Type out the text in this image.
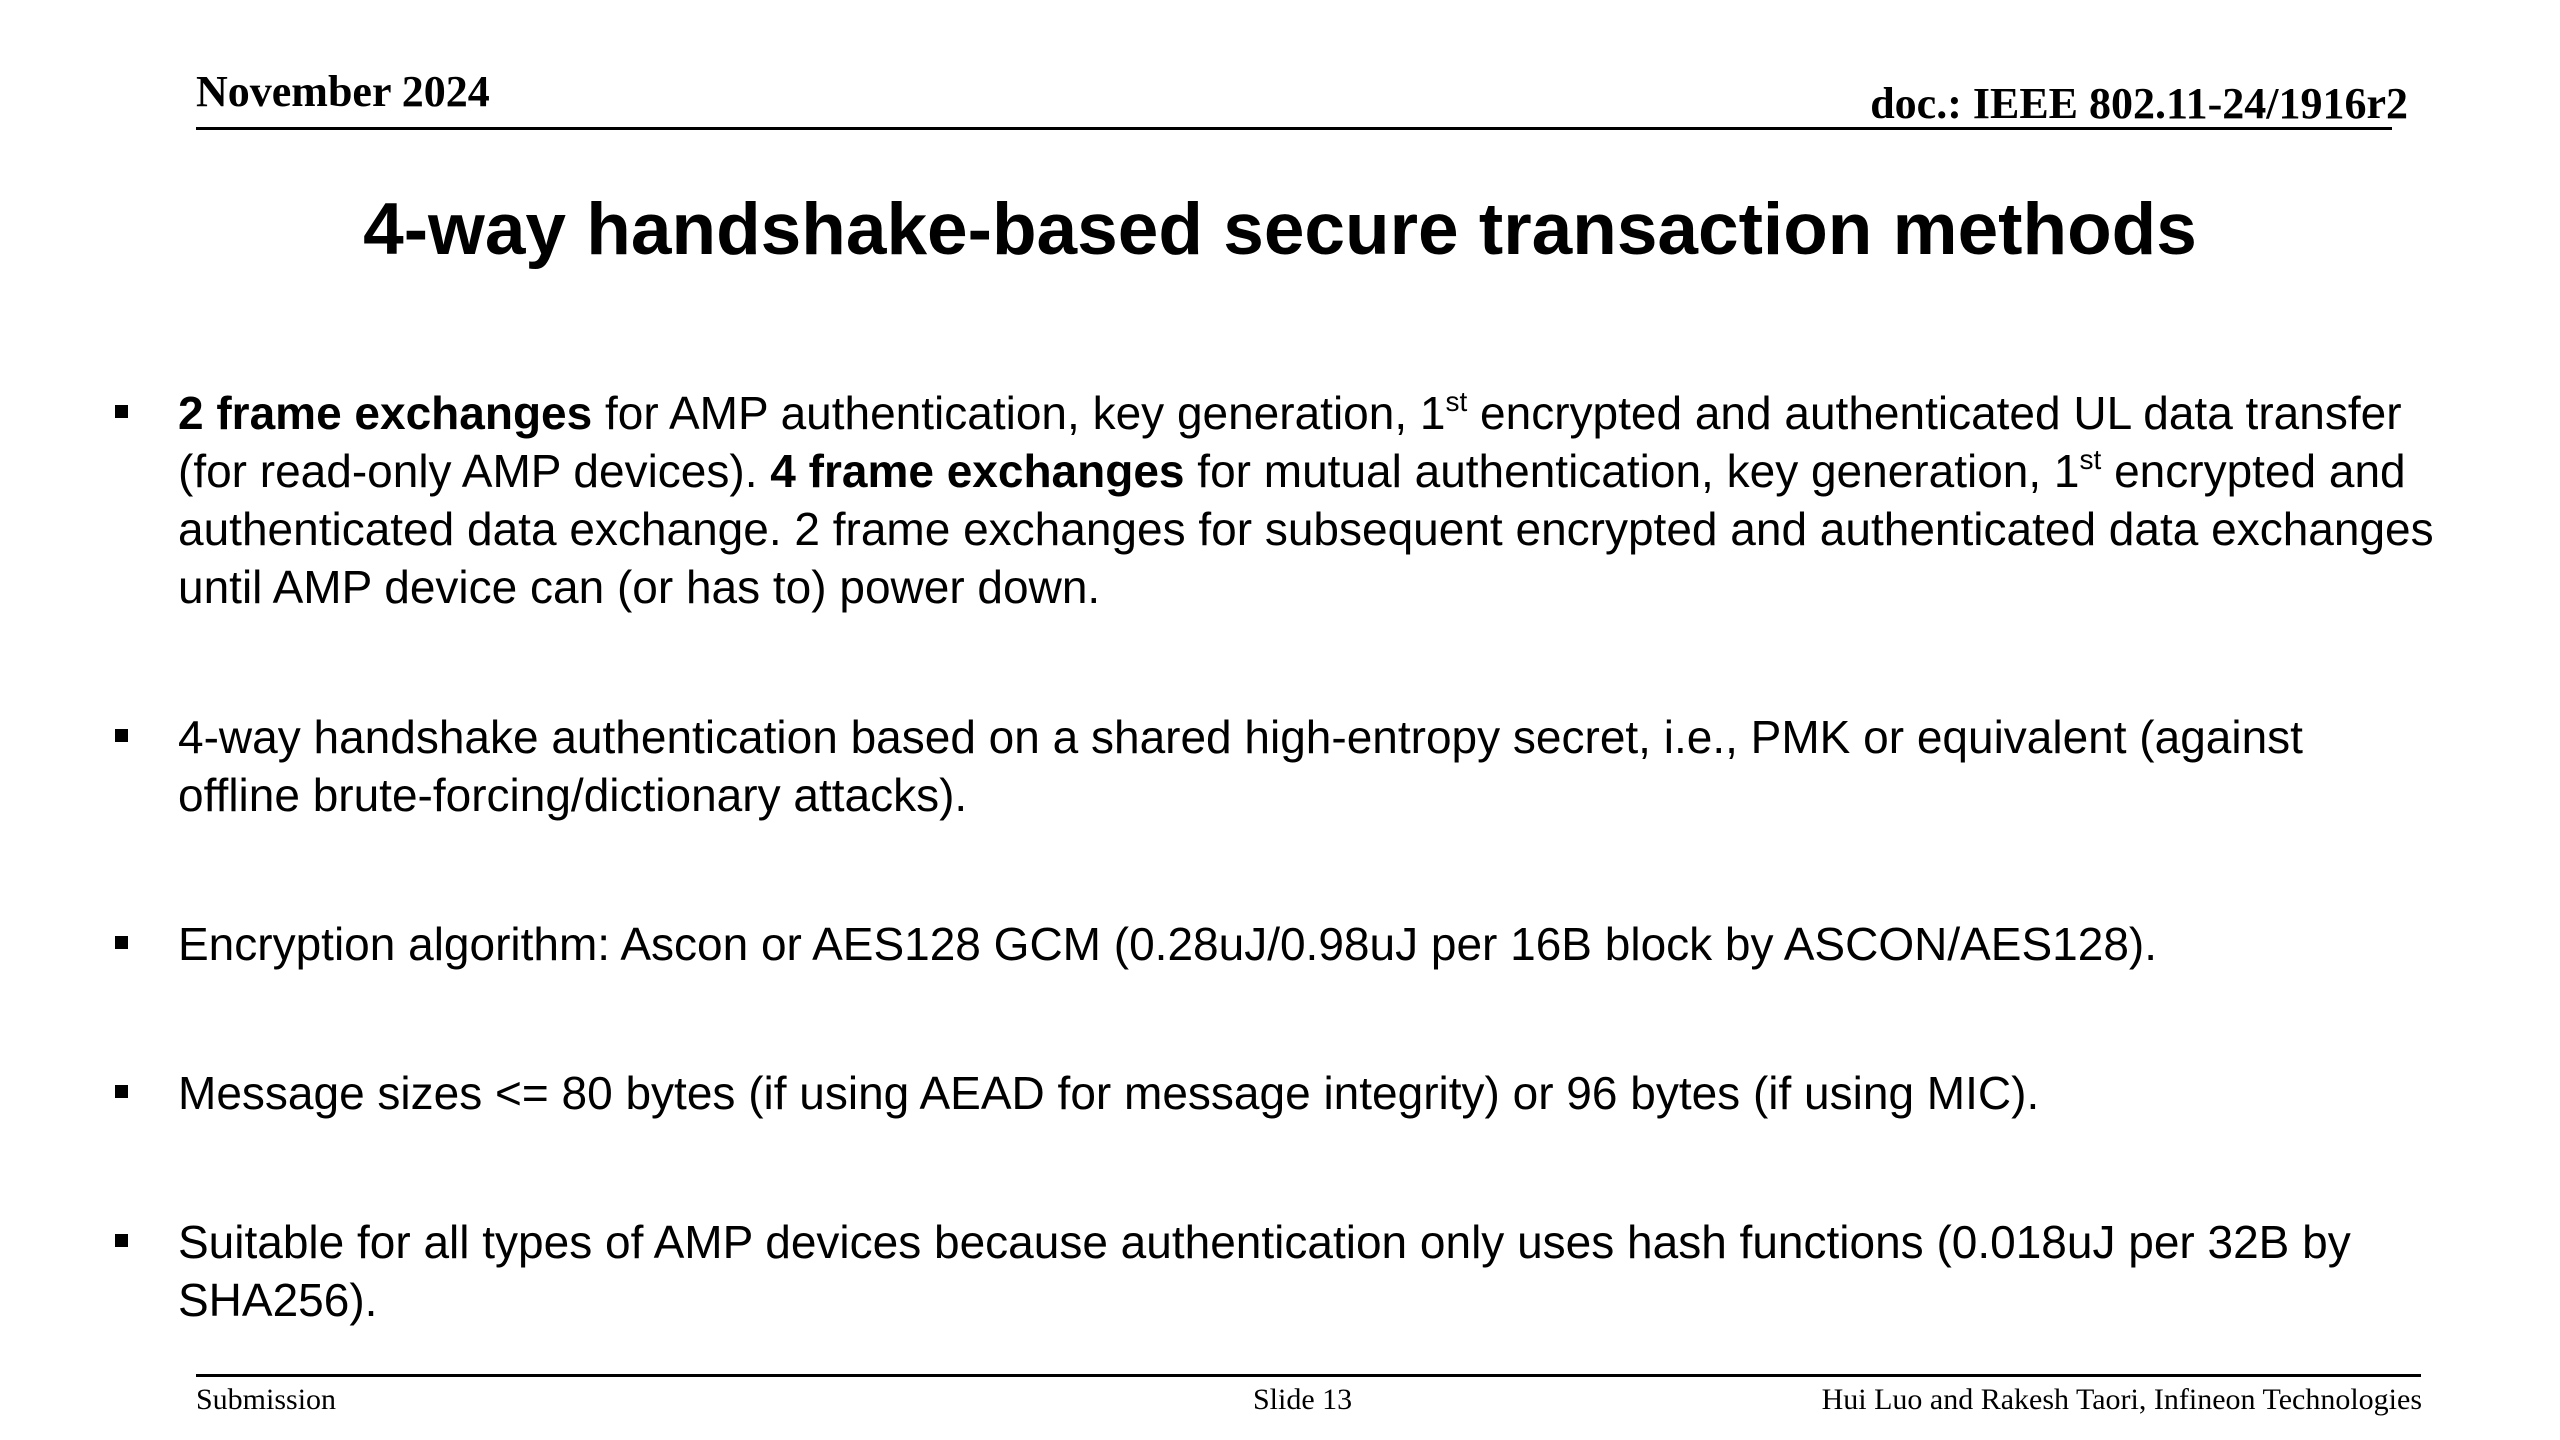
November 2024	doc.: IEEE 802.11-24/1916r2
4-way handshake-based secure transaction methods
2 frame exchanges for AMP authentication, key generation, 1st encrypted and authenticated UL data transfer (for read-only AMP devices). 4 frame exchanges for mutual authentication, key generation, 1st encrypted and authenticated data exchange. 2 frame exchanges for subsequent encrypted and authenticated data exchanges until AMP device can (or has to) power down.
4-way handshake authentication based on a shared high-entropy secret, i.e., PMK or equivalent (against offline brute-forcing/dictionary attacks).
Encryption algorithm: Ascon or AES128 GCM (0.28uJ/0.98uJ per 16B block by ASCON/AES128).
Message sizes <= 80 bytes (if using AEAD for message integrity) or 96 bytes (if using MIC).
Suitable for all types of AMP devices because authentication only uses hash functions (0.018uJ per 32B by SHA256).
Submission	Slide 13	Hui Luo and Rakesh Taori, Infineon Technologies
